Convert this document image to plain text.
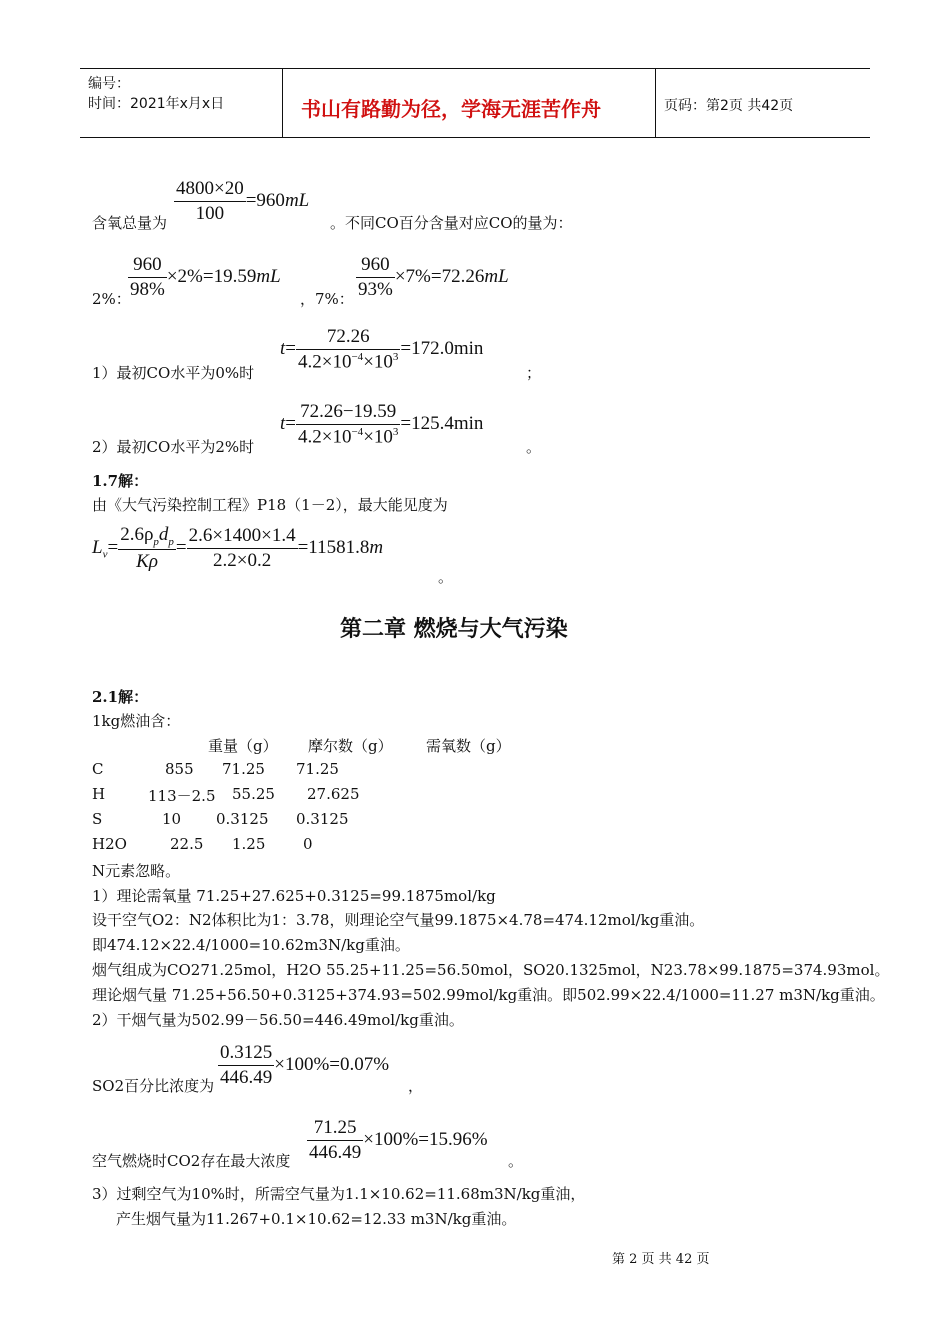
编号：
时间：2021年x月x日	书山有路勤为径，学海无涯苦作舟	页码：第2页 共42页
含氧总量为 $\frac{4800\times 20}{100} =960mL$
。不同CO百分含量对应CO的量为：
2%：
$\frac{960}{98\%} \times 2\%=19.59mL$
，7%： $\frac{960}{93\%} \times 7\%=72.26mL$
1）最初CO水平为0%时
$t= \frac{72.26}{4.2\times 10^{-4}\times 10^3} =172.0\min$
；
2）最初CO水平为2%时
$t= \frac{72.26-19.59}{4.2\times 10^{-4}\times 10^3} =125.4\min$
。
1.7解：
由《大气污染控制工程》P18（1－2），最大能见度为
$L_v= \frac{2.6\rho_pd_p}{K\rho} = \frac{2.6\times 1400\times 1.4}{2.2\times 0.2} =11581.8m$
。
第二章 燃烧与大气污染
2.1解：
1kg燃油含：
重量（g） 摩尔数（g） 需氧数（g）
C	855 71.25 71.25
H	113－2.5 55.25 27.625
S	10 0.3125 0.3125
H2O	22.5 1.25	0
N元素忽略。
1）理论需氧量 71.25+27.625+0.3125=99.1875mol/kg
设干空气O2：N2体积比为1：3.78，则理论空气量99.1875×4.78=474.12mol/kg重油。
即474.12×22.4/1000=10.62m3N/kg重油。
烟气组成为CO271.25mol，H2O 55.25+11.25=56.50mol，SO20.1325mol，N23.78×99.1875=374.93mol。
理论烟气量 71.25+56.50+0.3125+374.93=502.99mol/kg重油。即502.99×22.4/1000=11.27 m3N/kg重油。
2）干烟气量为502.99－56.50=446.49mol/kg重油。
SO2百分比浓度为 $\frac{0.3125}{446.49} \times 100\%=0.07\%$
，
空气燃烧时CO2存在最大浓度 $\frac{71.25}{446.49} \times 100\%=15.96\%$
。
3）过剩空气为10%时，所需空气量为1.1×10.62=11.68m3N/kg重油，
产生烟气量为11.267+0.1×10.62=12.33 m3N/kg重油。
第 2 页 共 42 页
